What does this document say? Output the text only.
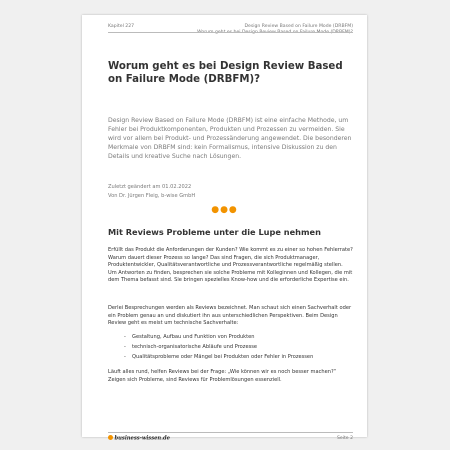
Kapitel 227	Design Review Based on Failure Mode (DRBFM)
Worum geht es bei Design Review Based on Failure Mode (DRBFM)?
Worum geht es bei Design Review Based on Failure Mode (DRBFM)?

Design Review Based on Failure Mode (DRBFM) ist eine einfache Methode, um Fehler bei Produktkomponenten, Produkten und Prozessen zu vermeiden. Sie wird vor allem bei Produkt- und Prozessänderung angewendet. Die besonderen Merkmale von DRBFM sind: kein Formalismus, intensive Diskussion zu den Details und kreative Suche nach Lösungen.

Zuletzt geändert am 01.02.2022
Von Dr. Jürgen Fleig, b-wise GmbH
●●●
Mit Reviews Probleme unter die Lupe nehmen

Erfüllt das Produkt die Anforderungen der Kunden? Wie kommt es zu einer so hohen Fehlerrate? Warum dauert dieser Prozess so lange? Das sind Fragen, die sich Produktmanager, Produktentwickler, Qualitätsverantwortliche und Prozessverantwortliche regelmäßig stellen. Um Antworten zu finden, besprechen sie solche Probleme mit Kolleginnen und Kollegen, die mit dem Thema befasst sind. Sie bringen spezielles Know-how und die erforderliche Expertise ein.

Derlei Besprechungen werden als Reviews bezeichnet. Man schaut sich einen Sachverhalt oder ein Problem genau an und diskutiert ihn aus unterschiedlichen Perspektiven. Beim Design Review geht es meist um technische Sachverhalte:

- Gestaltung, Aufbau und Funktion von Produkten
- technisch-organisatorische Abläufe und Prozesse
- Qualitätsprobleme oder Mängel bei Produkten oder Fehler in Prozessen

Läuft alles rund, helfen Reviews bei der Frage: „Wie können wir es noch besser machen?“ Zeigen sich Probleme, sind Reviews für Problemlösungen essenziell.

business-wissen.de	Seite 2
